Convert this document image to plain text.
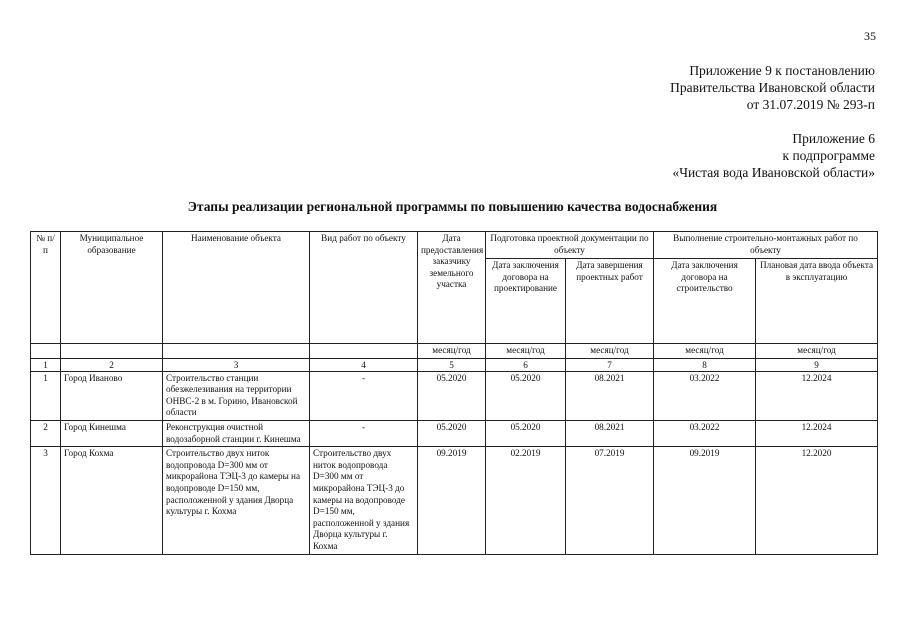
35
Приложение 9 к постановлению
Правительства Ивановской области
от 31.07.2019 № 293-п
Приложение 6
к подпрограмме
«Чистая вода Ивановской области»
Этапы реализации региональной программы по повышению качества водоснабжения
№ п/п	Муниципальное образование	Наименование объекта	Вид работ по объекту	Дата предоставления заказчику земельного участка	Подготовка проектной документации по объекту		Выполнение строительно-монтажных работ по объекту	
					Дата заключения договора на проектирование	Дата завершения проектных работ	Дата заключения договора на строительство	Плановая дата ввода объекта в эксплуатацию
				месяц/год	месяц/год	месяц/год	месяц/год	месяц/год
1	2	3	4	5	6	7	8	9
1	Город Иваново	Строительство станции обезжелезивания на территории ОНВС-2 в м. Горино, Ивановской области	-	05.2020	05.2020	08.2021	03.2022	12.2024
2	Город Кинешма	Реконструкция очистной водозаборной станции г. Кинешма	-	05.2020	05.2020	08.2021	03.2022	12.2024
3	Город Кохма	Строительство двух ниток водопровода D=300 мм от микрорайона ТЭЦ-3 до камеры на водопроводе D=150 мм, расположенной у здания Дворца культуры г. Кохма	Строительство двух ниток водопровода D=300 мм от микрорайона ТЭЦ-3 до камеры на водопроводе D=150 мм, расположенной у здания Дворца культуры г. Кохма	09.2019	02.2019	07.2019	09.2019	12.2020
